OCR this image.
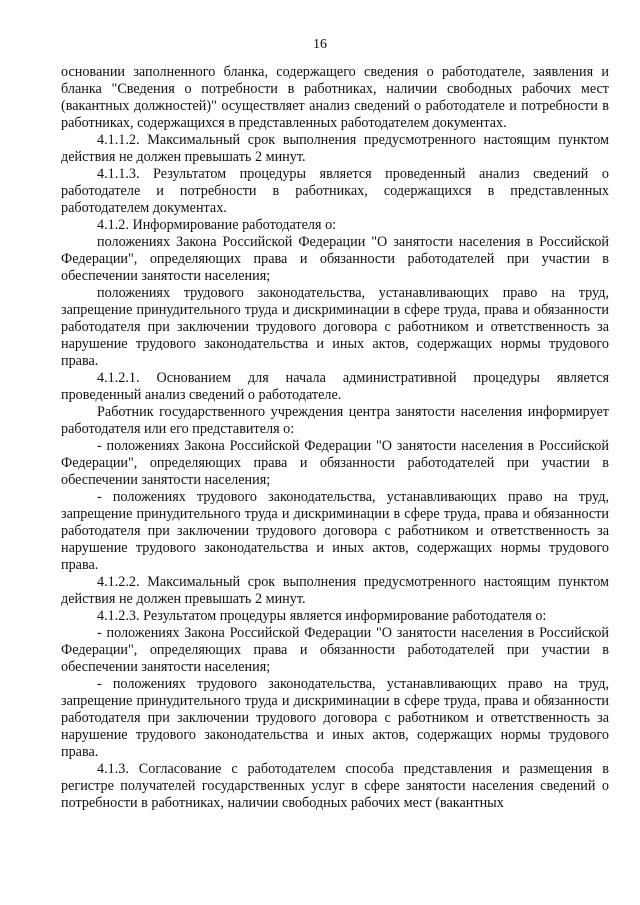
16

основании заполненного бланка, содержащего сведения о работодателе, заявления и бланка "Сведения о потребности в работниках, наличии свободных рабочих мест (вакантных должностей)" осуществляет анализ сведений о работодателе и потребности в работниках, содержащихся в представленных работодателем документах.

4.1.1.2. Максимальный срок выполнения предусмотренного настоящим пунктом действия не должен превышать 2 минут.

4.1.1.3. Результатом процедуры является проведенный анализ сведений о работодателе и потребности в работниках, содержащихся в представленных работодателем документах.

4.1.2. Информирование работодателя о:

положениях Закона Российской Федерации "О занятости населения в Российской Федерации", определяющих права и обязанности работодателей при участии в обеспечении занятости населения;

положениях трудового законодательства, устанавливающих право на труд, запрещение принудительного труда и дискриминации в сфере труда, права и обязанности работодателя при заключении трудового договора с работником и ответственность за нарушение трудового законодательства и иных актов, содержащих нормы трудового права.

4.1.2.1. Основанием для начала административной процедуры является проведенный анализ сведений о работодателе.

Работник государственного учреждения центра занятости населения информирует работодателя или его представителя о:

- положениях Закона Российской Федерации "О занятости населения в Российской Федерации", определяющих права и обязанности работодателей при участии в обеспечении занятости населения;

- положениях трудового законодательства, устанавливающих право на труд, запрещение принудительного труда и дискриминации в сфере труда, права и обязанности работодателя при заключении трудового договора с работником и ответственность за нарушение трудового законодательства и иных актов, содержащих нормы трудового права.

4.1.2.2. Максимальный срок выполнения предусмотренного настоящим пунктом действия не должен превышать 2 минут.

4.1.2.3. Результатом процедуры является информирование работодателя о:

- положениях Закона Российской Федерации "О занятости населения в Российской Федерации", определяющих права и обязанности работодателей при участии в обеспечении занятости населения;

- положениях трудового законодательства, устанавливающих право на труд, запрещение принудительного труда и дискриминации в сфере труда, права и обязанности работодателя при заключении трудового договора с работником и ответственность за нарушение трудового законодательства и иных актов, содержащих нормы трудового права.

4.1.3. Согласование с работодателем способа представления и размещения в регистре получателей государственных услуг в сфере занятости населения сведений о потребности в работниках, наличии свободных рабочих мест (вакантных
